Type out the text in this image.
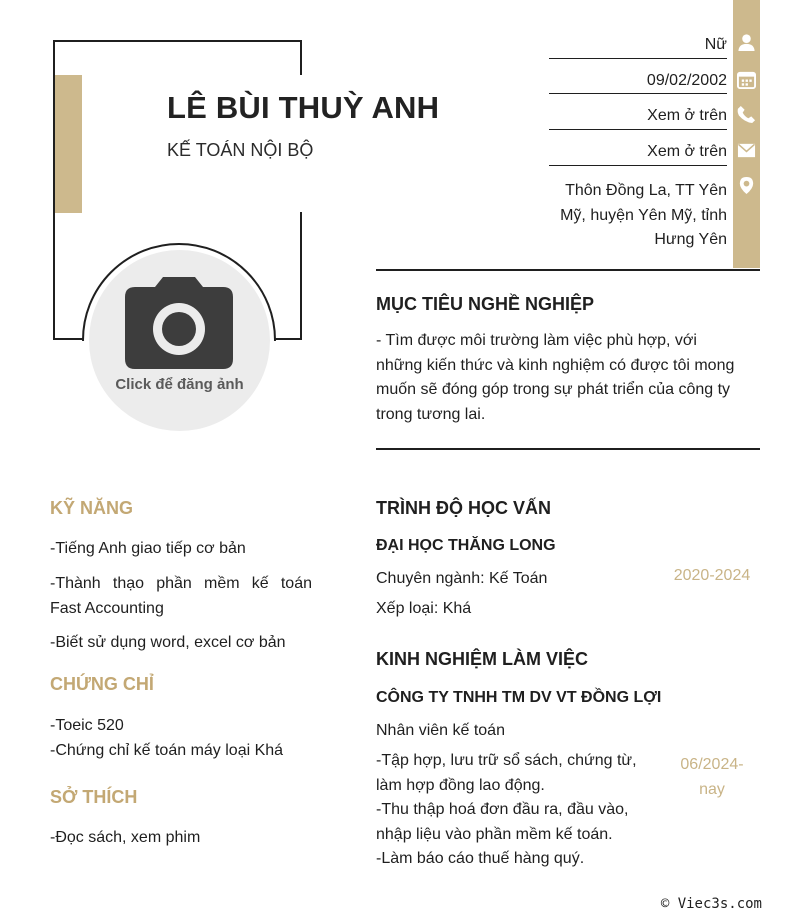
LÊ BÙI THUỲ ANH
KẾ TOÁN NỘI BỘ
Click để đăng ảnh
Nữ
09/02/2002
Xem ở trên
Xem ở trên
Thôn Đồng La, TT Yên
Mỹ, huyện Yên Mỹ, tỉnh
Hưng Yên
MỤC TIÊU NGHỀ NGHIỆP
- Tìm được môi trường làm việc phù hợp, với
những kiến thức và kinh nghiệm có được tôi mong
muốn sẽ đóng góp trong sự phát triển của công ty
trong tương lai.
KỸ NĂNG
-Tiếng Anh giao tiếp cơ bản
-Thành thạo phần mềm kế toán
Fast Accounting
-Biết sử dụng word, excel cơ bản
CHỨNG CHỈ
-Toeic 520
-Chứng chỉ kế toán máy loại Khá
SỞ THÍCH
-Đọc sách, xem phim
TRÌNH ĐỘ HỌC VẤN
ĐẠI HỌC THĂNG LONG
Chuyên ngành: Kế Toán
Xếp loại: Khá
2020-2024
KINH NGHIỆM LÀM VIỆC
CÔNG TY TNHH TM DV VT ĐỒNG LỢI
Nhân viên kế toán
-Tập hợp, lưu trữ sổ sách, chứng từ,
làm hợp đồng lao động.
-Thu thập hoá đơn đầu ra, đầu vào,
nhập liệu vào phần mềm kế toán.
-Làm báo cáo thuế hàng quý.
06/2024-
nay
© Viec3s.com
